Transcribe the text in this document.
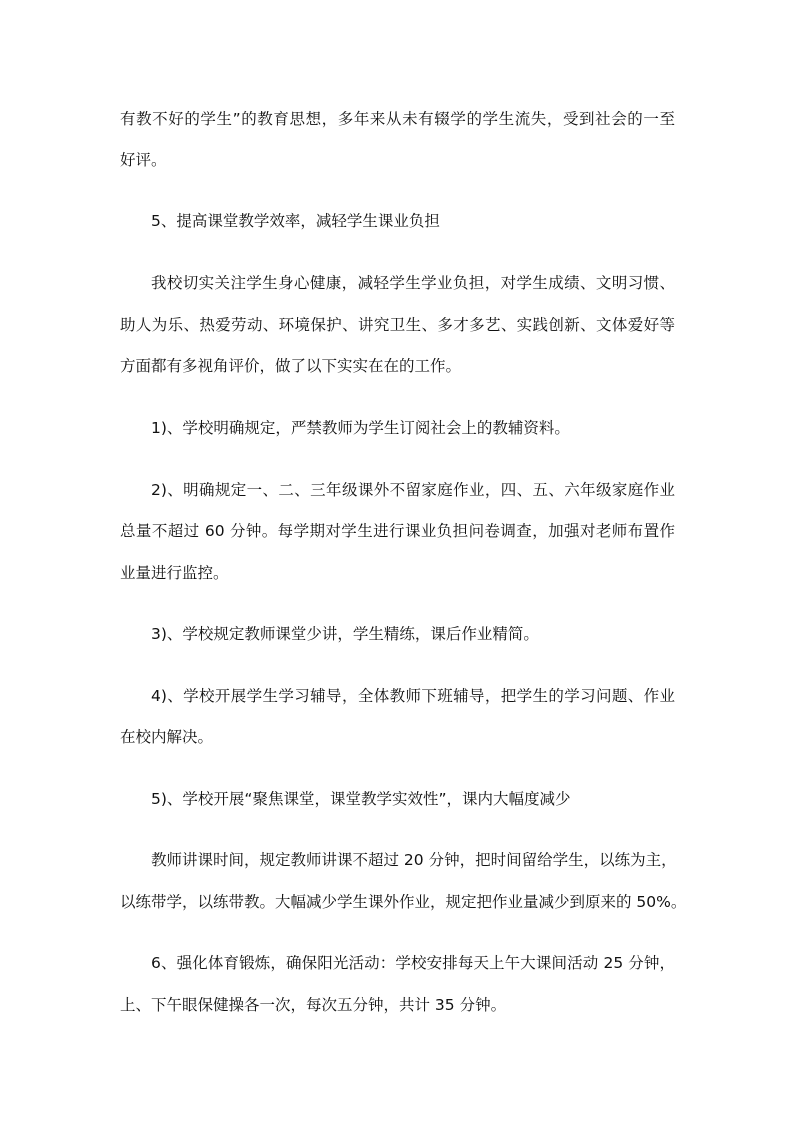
有教不好的学生”的教育思想，多年来从未有辍学的学生流失，受到社会的一至

好评。

5、提高课堂教学效率，减轻学生课业负担

我校切实关注学生身心健康，减轻学生学业负担，对学生成绩、文明习惯、

助人为乐、热爱劳动、环境保护、讲究卫生、多才多艺、实践创新、文体爱好等

方面都有多视角评价，做了以下实实在在的工作。

1)、学校明确规定，严禁教师为学生订阅社会上的教辅资料。

2)、明确规定一、二、三年级课外不留家庭作业，四、五、六年级家庭作业

总量不超过 60 分钟。每学期对学生进行课业负担问卷调查，加强对老师布置作

业量进行监控。

3)、学校规定教师课堂少讲，学生精练，课后作业精简。

4)、学校开展学生学习辅导，全体教师下班辅导，把学生的学习问题、作业

在校内解决。

5)、学校开展“聚焦课堂，课堂教学实效性”，课内大幅度减少

教师讲课时间，规定教师讲课不超过 20 分钟，把时间留给学生，以练为主，

以练带学，以练带教。大幅减少学生课外作业，规定把作业量减少到原来的 50%。

6、强化体育锻炼，确保阳光活动：学校安排每天上午大课间活动 25 分钟，

上、下午眼保健操各一次，每次五分钟，共计 35 分钟。
